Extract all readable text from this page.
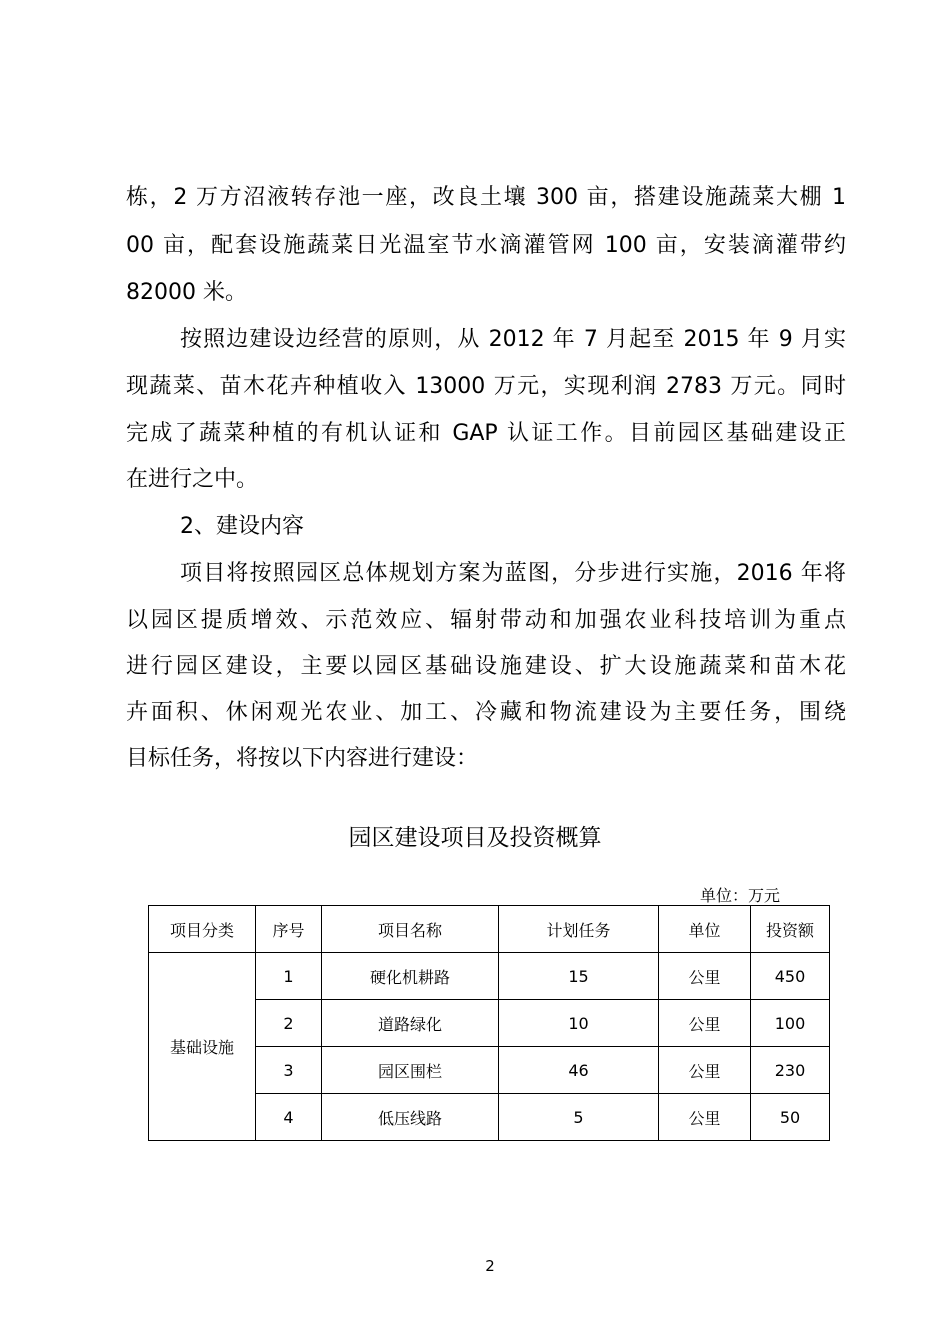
栋，2 万方沼液转存池一座，改良土壤 300 亩，搭建设施蔬菜大棚 1
00 亩，配套设施蔬菜日光温室节水滴灌管网 100 亩，安装滴灌带约
82000 米。
按照边建设边经营的原则，从 2012 年 7 月起至 2015 年 9 月实
现蔬菜、苗木花卉种植收入 13000 万元，实现利润 2783 万元。同时
完成了蔬菜种植的有机认证和 GAP 认证工作。目前园区基础建设正
在进行之中。
2、建设内容
项目将按照园区总体规划方案为蓝图，分步进行实施，2016 年将
以园区提质增效、示范效应、辐射带动和加强农业科技培训为重点
进行园区建设，主要以园区基础设施建设、扩大设施蔬菜和苗木花
卉面积、休闲观光农业、加工、冷藏和物流建设为主要任务，围绕
目标任务，将按以下内容进行建设：
园区建设项目及投资概算
单位：万元
项目分类	序号	项目名称	计划任务	单位	投资额
基础设施	1	硬化机耕路	15	公里	450
	2	道路绿化	10	公里	100
	3	园区围栏	46	公里	230
	4	低压线路	5	公里	50
2
